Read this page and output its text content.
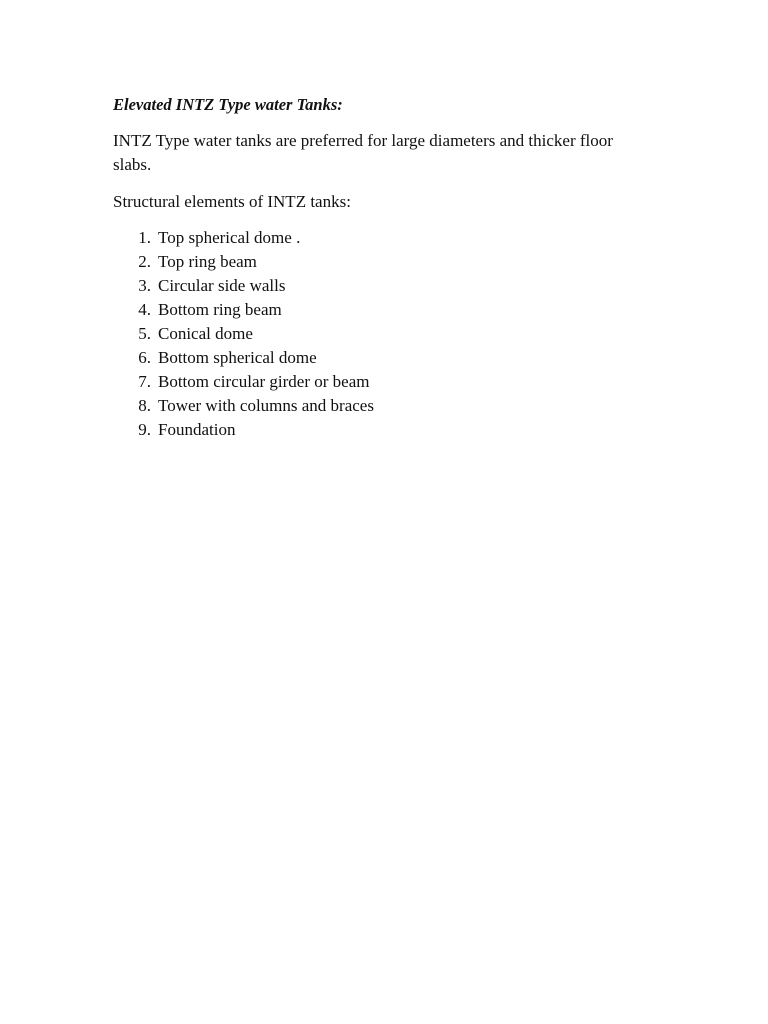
Elevated INTZ Type water Tanks:
INTZ Type water tanks are preferred for large diameters and thicker floor
slabs.
Structural elements of INTZ tanks:
1. Top spherical dome .
2. Top ring beam
3. Circular side walls
4. Bottom ring beam
5. Conical dome
6. Bottom spherical dome
7. Bottom circular girder or beam
8. Tower with columns and braces
9. Foundation
